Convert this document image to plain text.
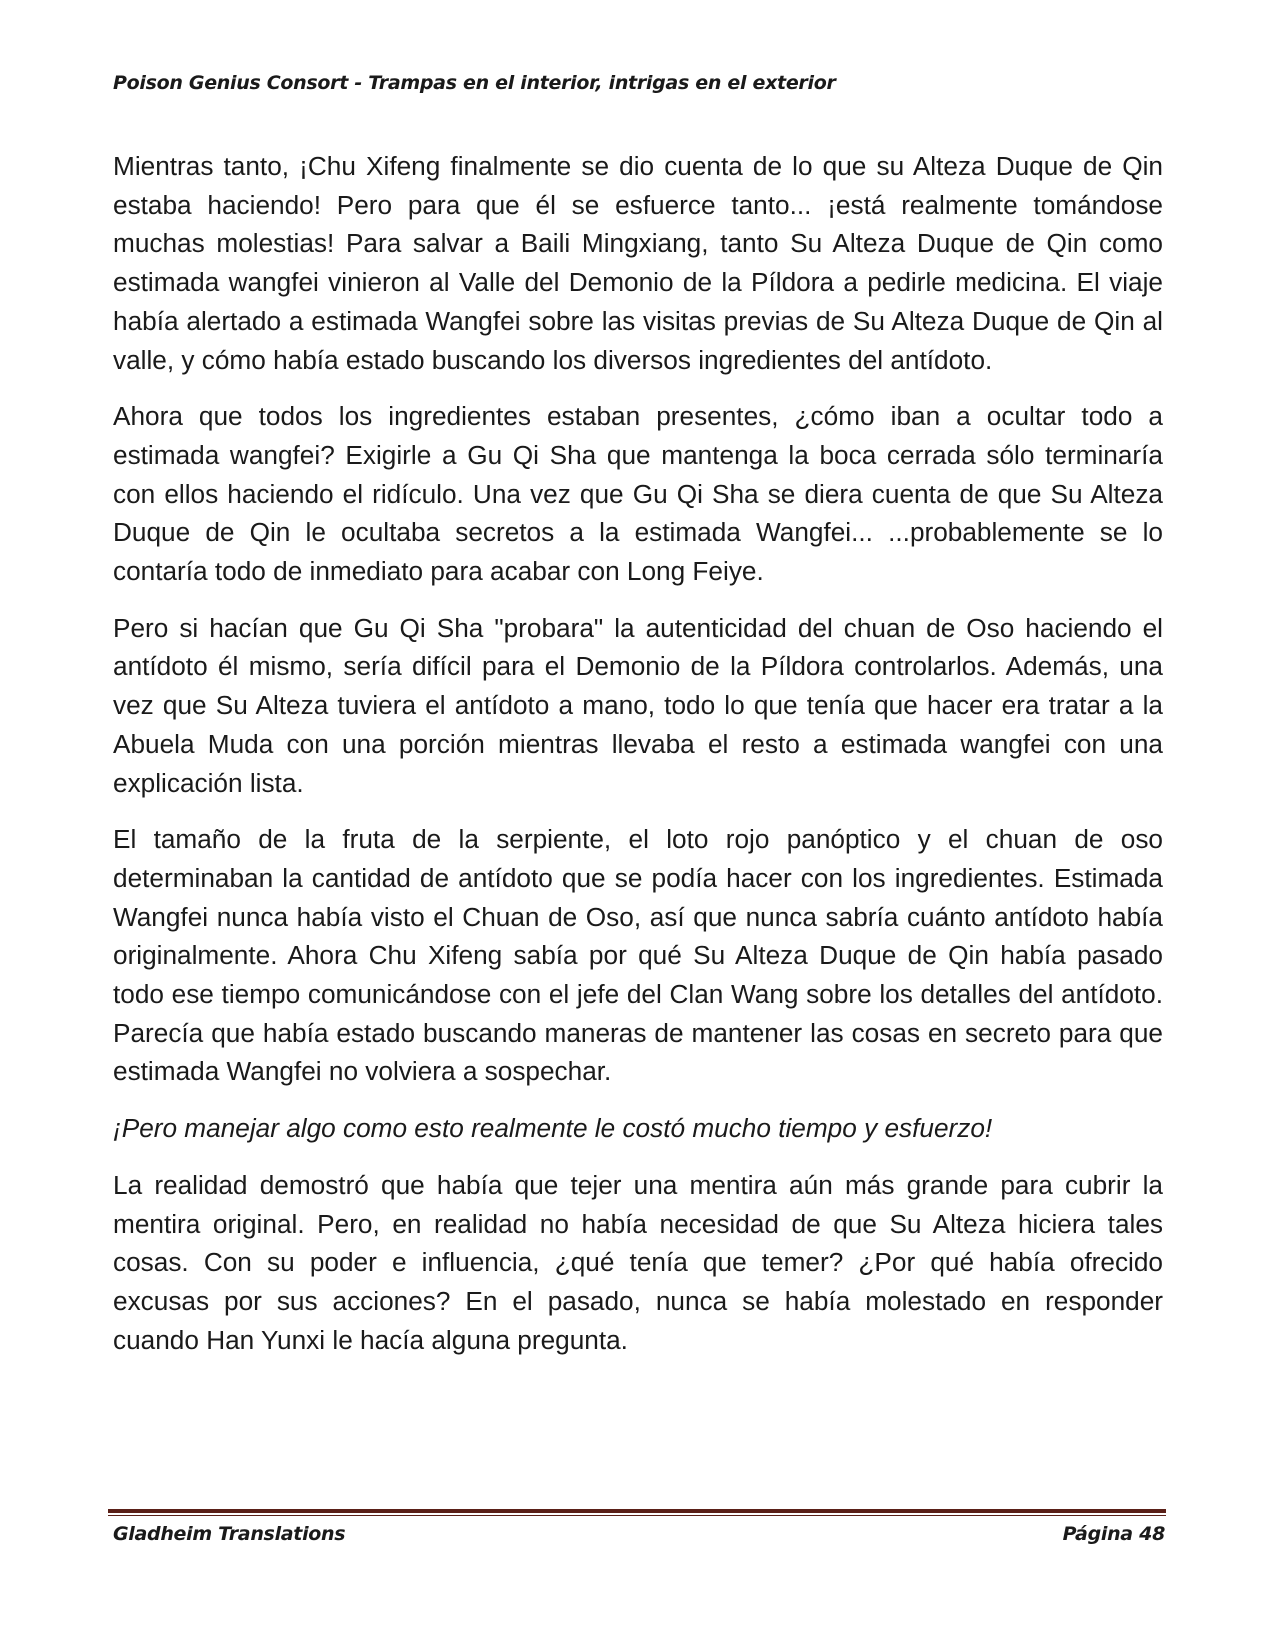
Poison Genius Consort - Trampas en el interior, intrigas en el exterior

Mientras tanto, ¡Chu Xifeng finalmente se dio cuenta de lo que su Alteza Duque de Qin estaba haciendo! Pero para que él se esfuerce tanto... ¡está realmente tomándose muchas molestias! Para salvar a Baili Mingxiang, tanto Su Alteza Duque de Qin como estimada wangfei vinieron al Valle del Demonio de la Píldora a pedirle medicina. El viaje había alertado a estimada Wangfei sobre las visitas previas de Su Alteza Duque de Qin al valle, y cómo había estado buscando los diversos ingredientes del antídoto.

Ahora que todos los ingredientes estaban presentes, ¿cómo iban a ocultar todo a estimada wangfei? Exigirle a Gu Qi Sha que mantenga la boca cerrada sólo terminaría con ellos haciendo el ridículo. Una vez que Gu Qi Sha se diera cuenta de que Su Alteza Duque de Qin le ocultaba secretos a la estimada Wangfei... ...probablemente se lo contaría todo de inmediato para acabar con Long Feiye.

Pero si hacían que Gu Qi Sha "probara" la autenticidad del chuan de Oso haciendo el antídoto él mismo, sería difícil para el Demonio de la Píldora controlarlos. Además, una vez que Su Alteza tuviera el antídoto a mano, todo lo que tenía que hacer era tratar a la Abuela Muda con una porción mientras llevaba el resto a estimada wangfei con una explicación lista.

El tamaño de la fruta de la serpiente, el loto rojo panóptico y el chuan de oso determinaban la cantidad de antídoto que se podía hacer con los ingredientes. Estimada Wangfei nunca había visto el Chuan de Oso, así que nunca sabría cuánto antídoto había originalmente. Ahora Chu Xifeng sabía por qué Su Alteza Duque de Qin había pasado todo ese tiempo comunicándose con el jefe del Clan Wang sobre los detalles del antídoto. Parecía que había estado buscando maneras de mantener las cosas en secreto para que estimada Wangfei no volviera a sospechar.

¡Pero manejar algo como esto realmente le costó mucho tiempo y esfuerzo!

La realidad demostró que había que tejer una mentira aún más grande para cubrir la mentira original. Pero, en realidad no había necesidad de que Su Alteza hiciera tales cosas. Con su poder e influencia, ¿qué tenía que temer? ¿Por qué había ofrecido excusas por sus acciones? En el pasado, nunca se había molestado en responder cuando Han Yunxi le hacía alguna pregunta.

Gladheim Translations	Página 48
